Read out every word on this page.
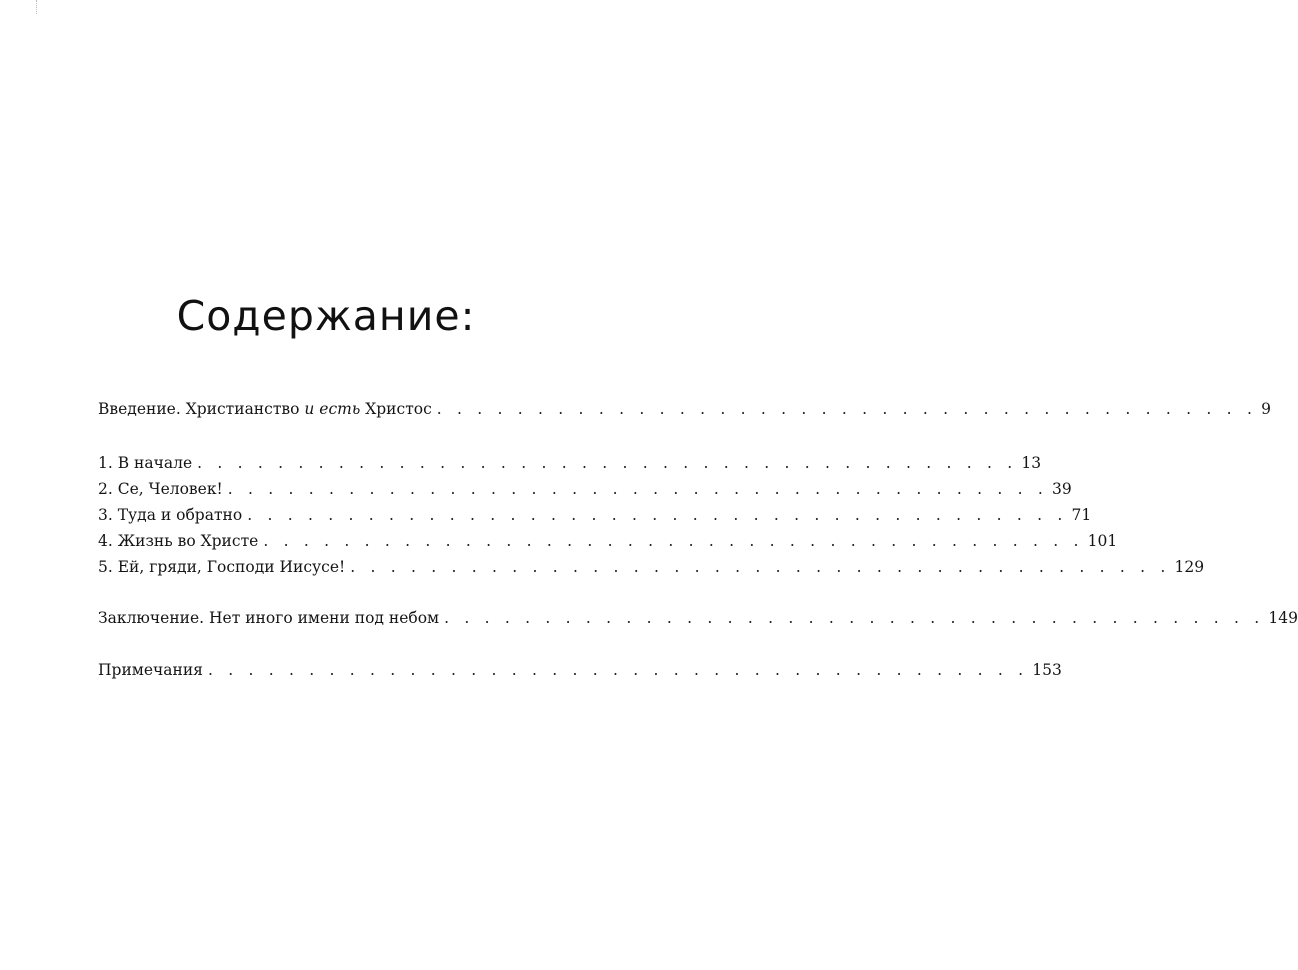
Содержание:
Введение. Христианство и есть Христос . . . . . . . . . . . . . . . . . . . . . . . . . . . . . . . . . . . . . . . . . 9
1. В начале . . . . . . . . . . . . . . . . . . . . . . . . . . . . . . . . . . . . . . . . . 13
2. Се, Человек! . . . . . . . . . . . . . . . . . . . . . . . . . . . . . . . . . . . . . . . . . 39
3. Туда и обратно . . . . . . . . . . . . . . . . . . . . . . . . . . . . . . . . . . . . . . . . . 71
4. Жизнь во Христе . . . . . . . . . . . . . . . . . . . . . . . . . . . . . . . . . . . . . . . . . 101
5. Ей, гряди, Господи Иисусе! . . . . . . . . . . . . . . . . . . . . . . . . . . . . . . . . . . . . . . . . . 129
Заключение. Нет иного имени под небом . . . . . . . . . . . . . . . . . . . . . . . . . . . . . . . . . . . . . . . . . 149
Примечания . . . . . . . . . . . . . . . . . . . . . . . . . . . . . . . . . . . . . . . . . 153
